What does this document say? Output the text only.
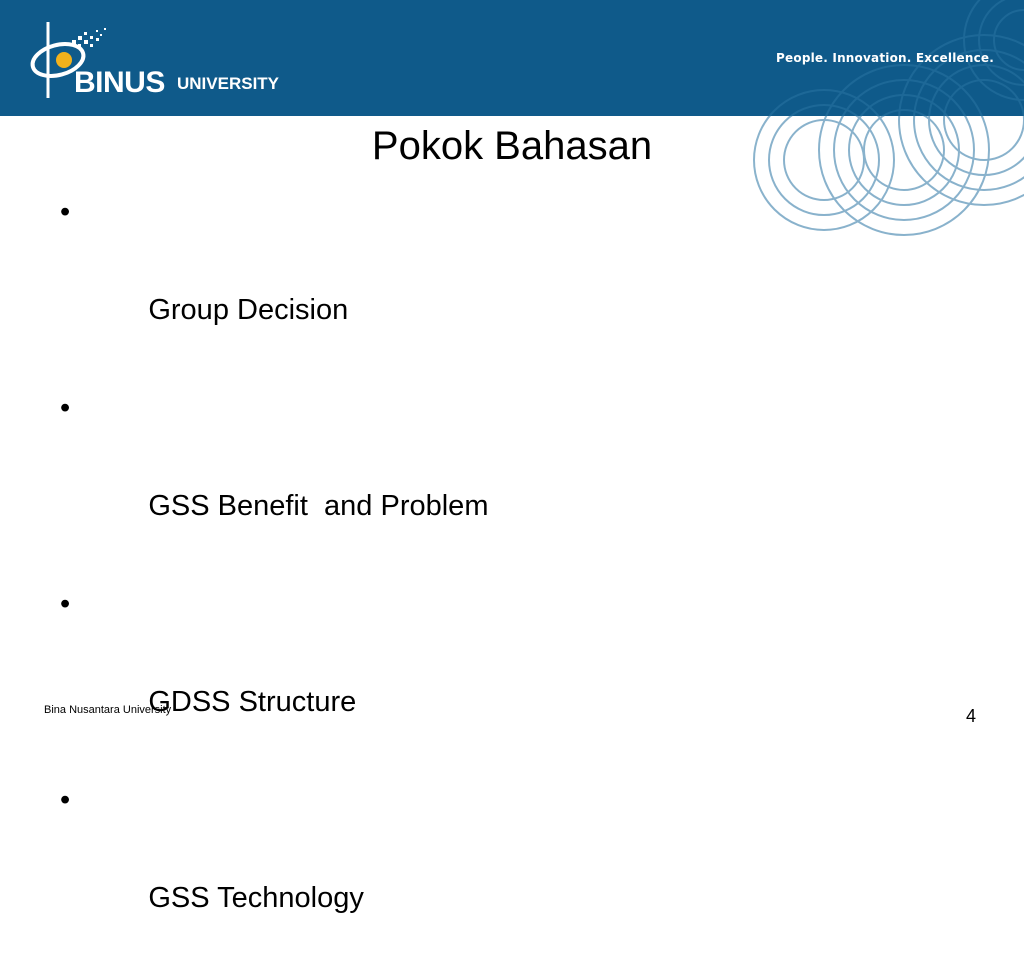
BINUS UNIVERSITY
People. Innovation. Excellence.
Pokok Bahasan

•

Group Decision

•

GSS Benefit  and Problem

•

GDSS Structure

•

GSS Technology

Bina Nusantara University	4
